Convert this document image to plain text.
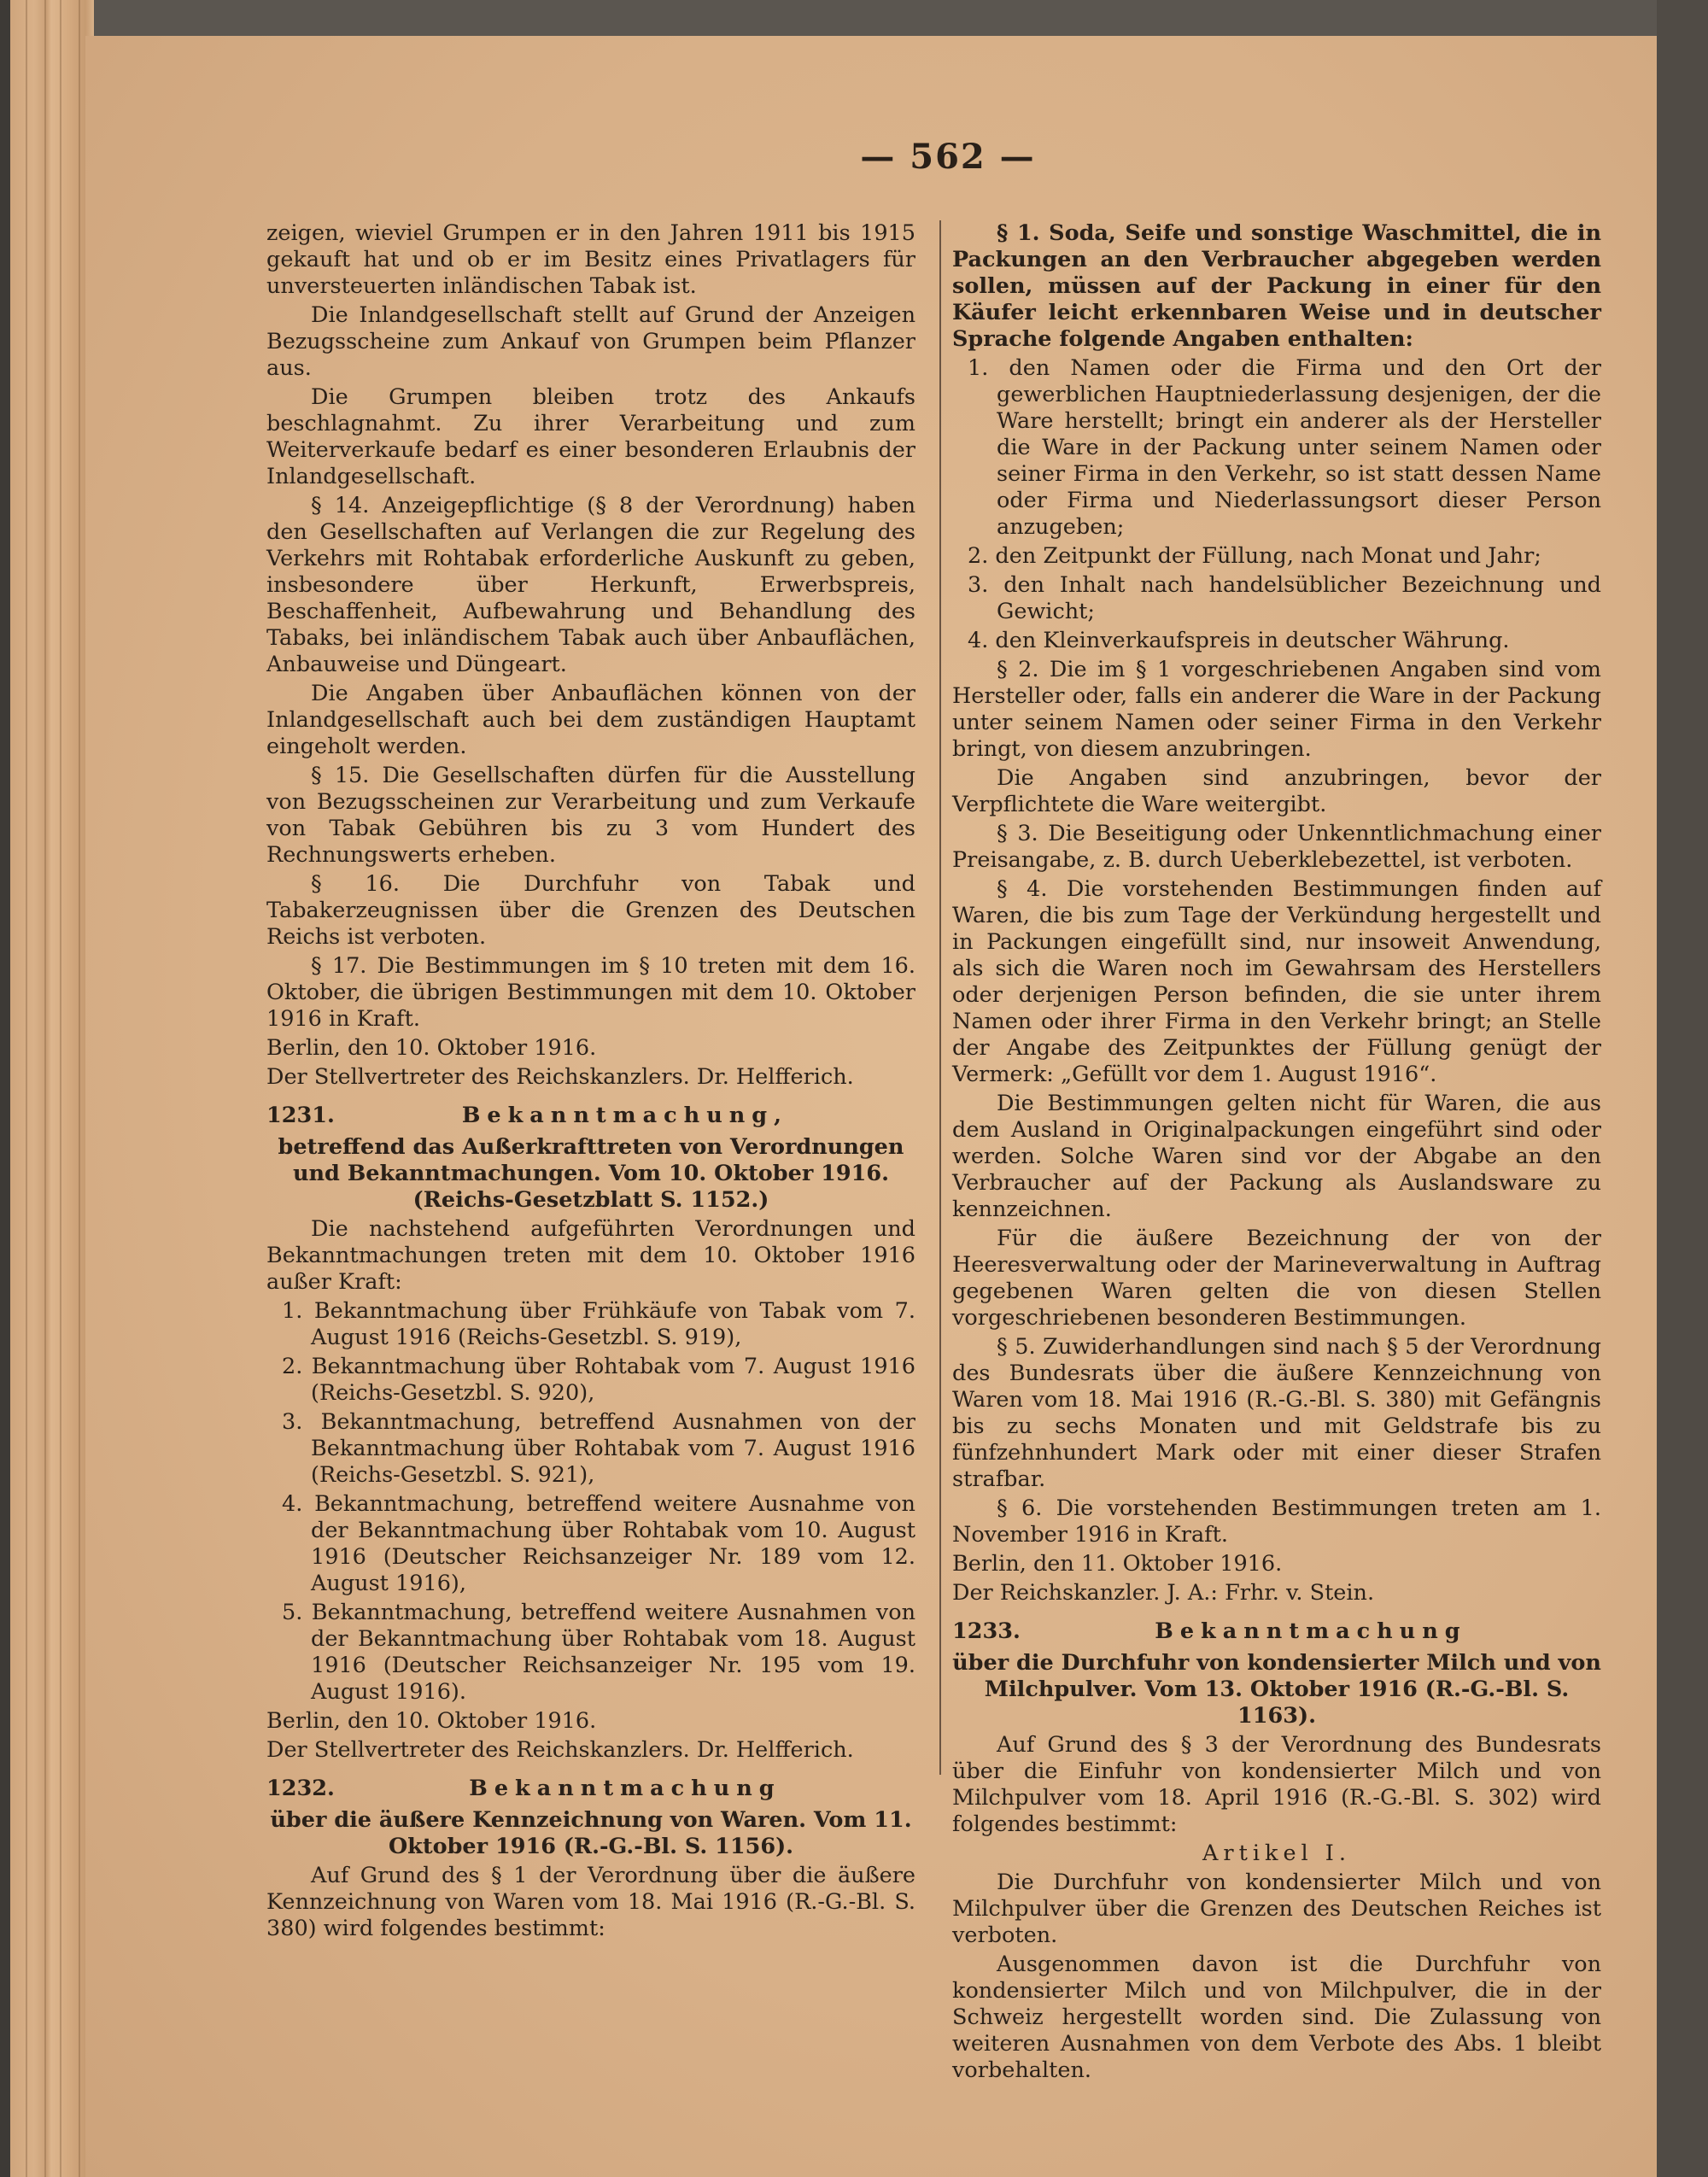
— 562 —

zeigen, wieviel Grumpen er in den Jahren 1911 bis 1915 gekauft hat und ob er im Besitz eines Privatlagers für unversteuerten inländischen Tabak ist.

Die Inlandgesellschaft stellt auf Grund der Anzeigen Bezugsscheine zum Ankauf von Grumpen beim Pflanzer aus.

Die Grumpen bleiben trotz des Ankaufs beschlagnahmt. Zu ihrer Verarbeitung und zum Weiterverkaufe bedarf es einer besonderen Erlaubnis der Inlandgesellschaft.

§ 14. Anzeigepflichtige (§ 8 der Verordnung) haben den Gesellschaften auf Verlangen die zur Regelung des Verkehrs mit Rohtabak erforderliche Auskunft zu geben, insbesondere über Herkunft, Erwerbspreis, Beschaffenheit, Aufbewahrung und Behandlung des Tabaks, bei inländischem Tabak auch über Anbauflächen, Anbauweise und Düngeart.

Die Angaben über Anbauflächen können von der Inlandgesellschaft auch bei dem zuständigen Hauptamt eingeholt werden.

§ 15. Die Gesellschaften dürfen für die Ausstellung von Bezugsscheinen zur Verarbeitung und zum Verkaufe von Tabak Gebühren bis zu 3 vom Hundert des Rechnungswerts erheben.

§ 16. Die Durchfuhr von Tabak und Tabakerzeugnissen über die Grenzen des Deutschen Reichs ist verboten.

§ 17. Die Bestimmungen im § 10 treten mit dem 16. Oktober, die übrigen Bestimmungen mit dem 10. Oktober 1916 in Kraft.

Berlin, den 10. Oktober 1916.

Der Stellvertreter des Reichskanzlers. Dr. Helfferich.

1231.	Bekanntmachung,

betreffend das Außerkrafttreten von Verordnungen und Bekanntmachungen. Vom 10. Oktober 1916. (Reichs-Gesetzblatt S. 1152.)

Die nachstehend aufgeführten Verordnungen und Bekanntmachungen treten mit dem 10. Oktober 1916 außer Kraft:

1. Bekanntmachung über Frühkäufe von Tabak vom 7. August 1916 (Reichs-Gesetzbl. S. 919),

2. Bekanntmachung über Rohtabak vom 7. August 1916 (Reichs-Gesetzbl. S. 920),

3. Bekanntmachung, betreffend Ausnahmen von der Bekanntmachung über Rohtabak vom 7. August 1916 (Reichs-Gesetzbl. S. 921),

4. Bekanntmachung, betreffend weitere Ausnahme von der Bekanntmachung über Rohtabak vom 10. August 1916 (Deutscher Reichsanzeiger Nr. 189 vom 12. August 1916),

5. Bekanntmachung, betreffend weitere Ausnahmen von der Bekanntmachung über Rohtabak vom 18. August 1916 (Deutscher Reichsanzeiger Nr. 195 vom 19. August 1916).

Berlin, den 10. Oktober 1916.

Der Stellvertreter des Reichskanzlers. Dr. Helfferich.

1232.	Bekanntmachung

über die äußere Kennzeichnung von Waren. Vom 11. Oktober 1916 (R.-G.-Bl. S. 1156).

Auf Grund des § 1 der Verordnung über die äußere Kennzeichnung von Waren vom 18. Mai 1916 (R.-G.-Bl. S. 380) wird folgendes bestimmt:

§ 1. Soda, Seife und sonstige Waschmittel, die in Packungen an den Verbraucher abgegeben werden sollen, müssen auf der Packung in einer für den Käufer leicht erkennbaren Weise und in deutscher Sprache folgende Angaben enthalten:

1. den Namen oder die Firma und den Ort der gewerblichen Hauptniederlassung desjenigen, der die Ware herstellt; bringt ein anderer als der Hersteller die Ware in der Packung unter seinem Namen oder seiner Firma in den Verkehr, so ist statt dessen Name oder Firma und Niederlassungsort dieser Person anzugeben;

2. den Zeitpunkt der Füllung, nach Monat und Jahr;

3. den Inhalt nach handelsüblicher Bezeichnung und Gewicht;

4. den Kleinverkaufspreis in deutscher Währung.

§ 2. Die im § 1 vorgeschriebenen Angaben sind vom Hersteller oder, falls ein anderer die Ware in der Packung unter seinem Namen oder seiner Firma in den Verkehr bringt, von diesem anzubringen.

Die Angaben sind anzubringen, bevor der Verpflichtete die Ware weitergibt.

§ 3. Die Beseitigung oder Unkenntlichmachung einer Preisangabe, z. B. durch Ueberklebezettel, ist verboten.

§ 4. Die vorstehenden Bestimmungen finden auf Waren, die bis zum Tage der Verkündung hergestellt und in Packungen eingefüllt sind, nur insoweit Anwendung, als sich die Waren noch im Gewahrsam des Herstellers oder derjenigen Person befinden, die sie unter ihrem Namen oder ihrer Firma in den Verkehr bringt; an Stelle der Angabe des Zeitpunktes der Füllung genügt der Vermerk: „Gefüllt vor dem 1. August 1916“.

Die Bestimmungen gelten nicht für Waren, die aus dem Ausland in Originalpackungen eingeführt sind oder werden. Solche Waren sind vor der Abgabe an den Verbraucher auf der Packung als Auslandsware zu kennzeichnen.

Für die äußere Bezeichnung der von der Heeresverwaltung oder der Marineverwaltung in Auftrag gegebenen Waren gelten die von diesen Stellen vorgeschriebenen besonderen Bestimmungen.

§ 5. Zuwiderhandlungen sind nach § 5 der Verordnung des Bundesrats über die äußere Kennzeichnung von Waren vom 18. Mai 1916 (R.-G.-Bl. S. 380) mit Gefängnis bis zu sechs Monaten und mit Geldstrafe bis zu fünfzehnhundert Mark oder mit einer dieser Strafen strafbar.

§ 6. Die vorstehenden Bestimmungen treten am 1. November 1916 in Kraft.

Berlin, den 11. Oktober 1916.

Der Reichskanzler. J. A.: Frhr. v. Stein.

1233.	Bekanntmachung

über die Durchfuhr von kondensierter Milch und von Milchpulver. Vom 13. Oktober 1916 (R.-G.-Bl. S. 1163).

Auf Grund des § 3 der Verordnung des Bundesrats über die Einfuhr von kondensierter Milch und von Milchpulver vom 18. April 1916 (R.-G.-Bl. S. 302) wird folgendes bestimmt:

Artikel I.

Die Durchfuhr von kondensierter Milch und von Milchpulver über die Grenzen des Deutschen Reiches ist verboten.

Ausgenommen davon ist die Durchfuhr von kondensierter Milch und von Milchpulver, die in der Schweiz hergestellt worden sind. Die Zulassung von weiteren Ausnahmen von dem Verbote des Abs. 1 bleibt vorbehalten.
